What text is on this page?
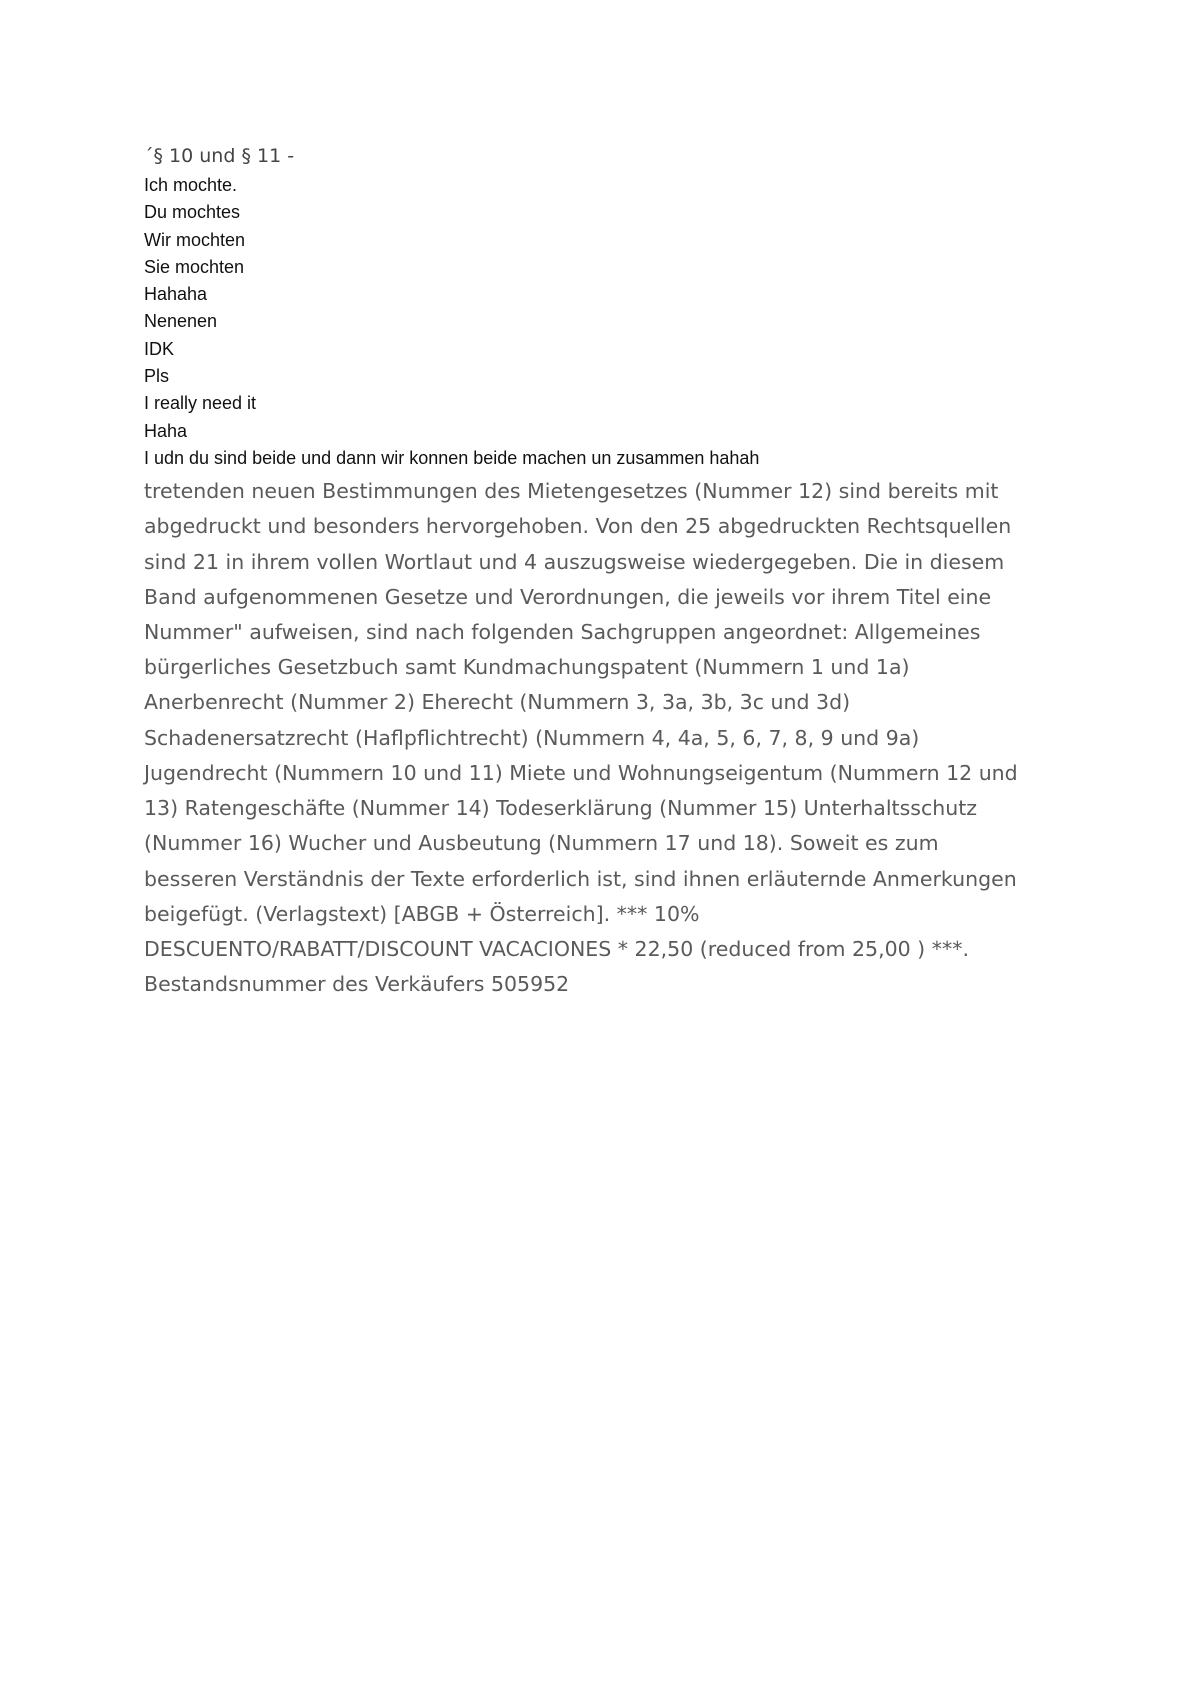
´§ 10 und § 11 -

Ich mochte.
Du mochtes
Wir mochten
Sie mochten
Hahaha
Nenenen
IDK
Pls
I really need it
Haha
I udn du sind beide und dann wir konnen beide machen un zusammen hahah

tretenden neuen Bestimmungen des Mietengesetzes (Nummer 12) sind bereits mit
abgedruckt und besonders hervorgehoben. Von den 25 abgedruckten Rechtsquellen
sind 21 in ihrem vollen Wortlaut und 4 auszugsweise wiedergegeben. Die in diesem
Band aufgenommenen Gesetze und Verordnungen, die jeweils vor ihrem Titel eine
Nummer" aufweisen, sind nach folgenden Sachgruppen angeordnet: Allgemeines
bürgerliches Gesetzbuch samt Kundmachungspatent (Nummern 1 und 1a)
Anerbenrecht (Nummer 2) Eherecht (Nummern 3, 3a, 3b, 3c und 3d)
Schadenersatzrecht (Haflpflichtrecht) (Nummern 4, 4a, 5, 6, 7, 8, 9 und 9a)
Jugendrecht (Nummern 10 und 11) Miete und Wohnungseigentum (Nummern 12 und
13) Ratengeschäfte (Nummer 14) Todeserklärung (Nummer 15) Unterhaltsschutz
(Nummer 16) Wucher und Ausbeutung (Nummern 17 und 18). Soweit es zum
besseren Verständnis der Texte erforderlich ist, sind ihnen erläuternde Anmerkungen
beigefügt. (Verlagstext) [ABGB + Österreich]. *** 10%
DESCUENTO/RABATT/DISCOUNT VACACIONES * 22,50 (reduced from 25,00 ) ***.
Bestandsnummer des Verkäufers 505952
